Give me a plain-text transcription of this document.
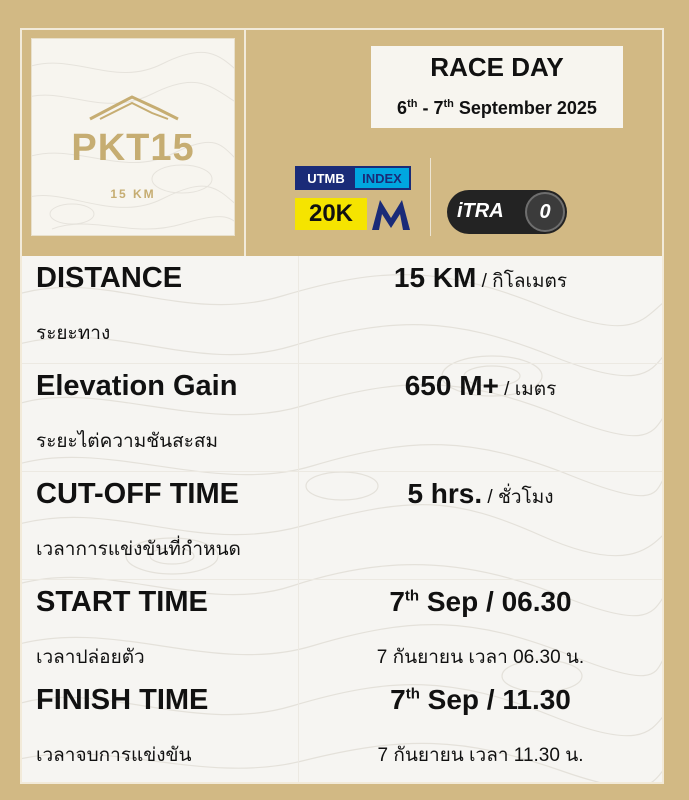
PKT15
15 KM
RACE DAY
6th - 7th September 2025
UTMB	INDEX
20K	iTRA	0
DISTANCE
ระยะทาง
15 KM / กิโลเมตร
Elevation Gain
ระยะไต่ความชันสะสม
650 M+ / เมตร
CUT-OFF TIME
เวลาการแข่งขันที่กำหนด
5 hrs. / ชั่วโมง
START TIME
เวลาปล่อยตัว
7th Sep / 06.30
7 กันยายน เวลา 06.30 น.
FINISH TIME
เวลาจบการแข่งขัน
7th Sep / 11.30
7 กันยายน เวลา 11.30 น.
